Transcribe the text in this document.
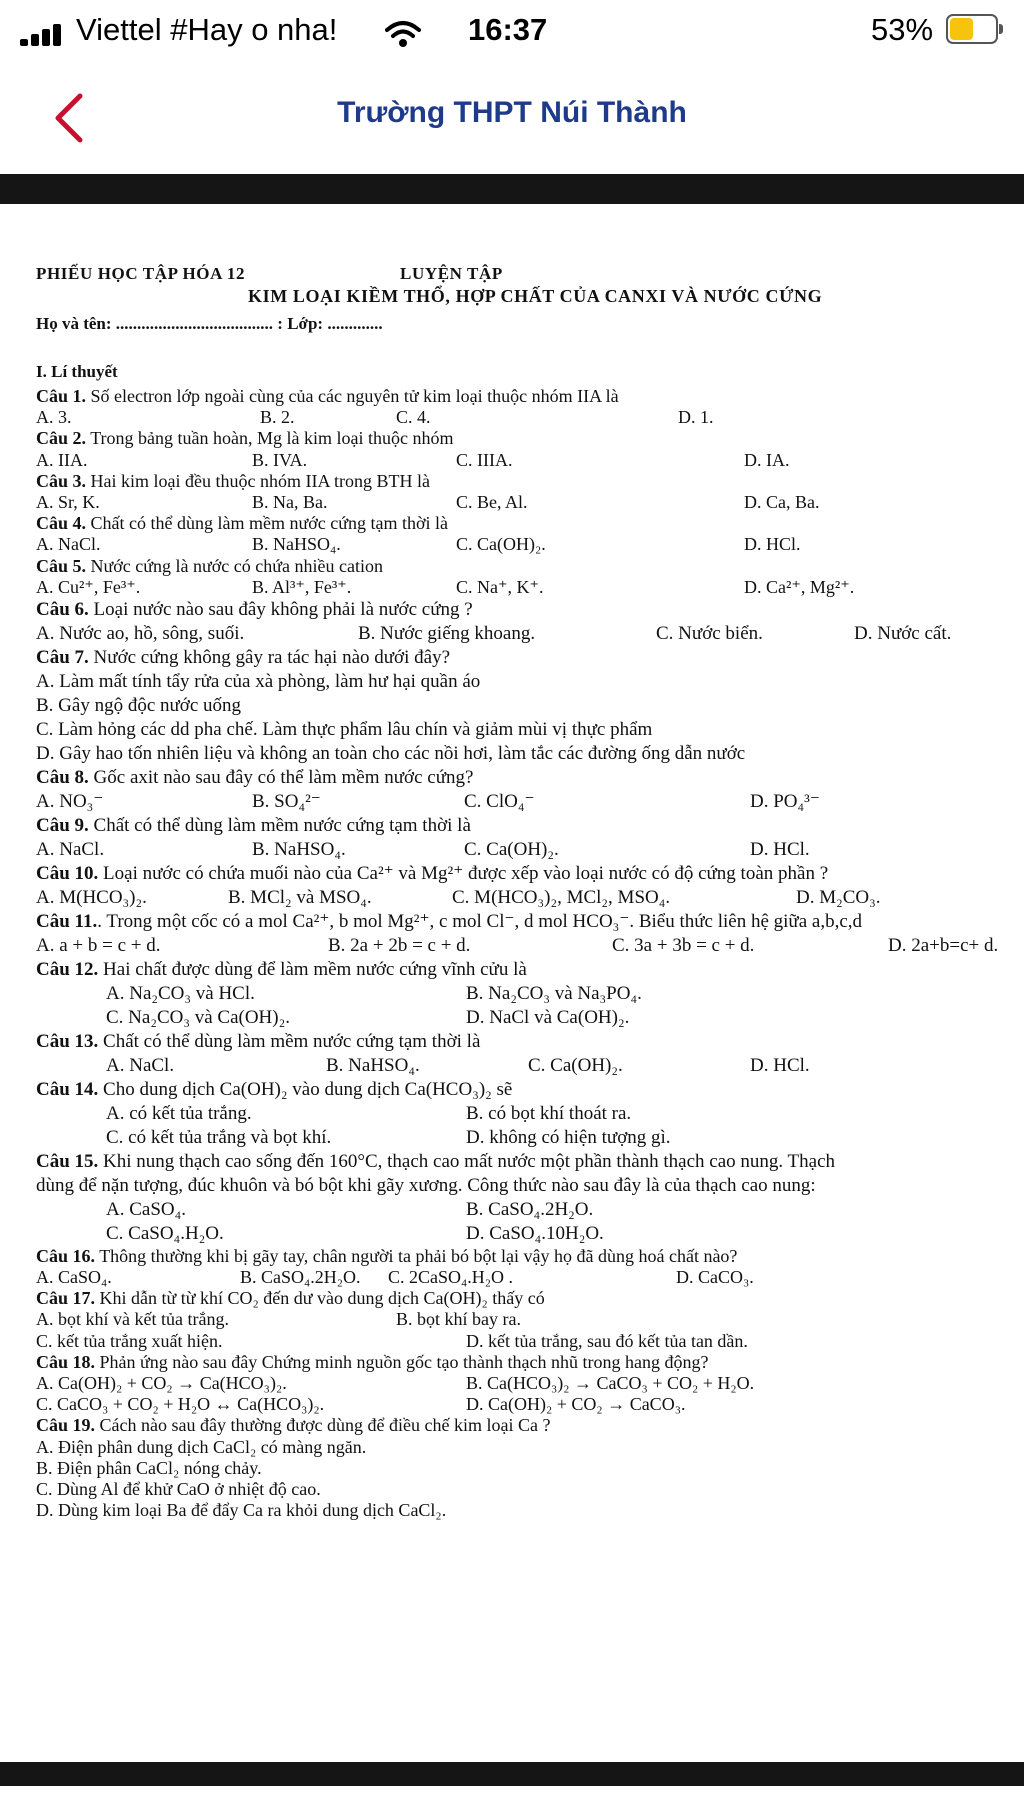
Viettel #Hay o nha!	16:37	53%
Trường THPT Núi Thành
PHIẾU HỌC TẬP HÓA 12	LUYỆN TẬP
KIM LOẠI KIỀM THỔ, HỢP CHẤT CỦA CANXI VÀ NƯỚC CỨNG
Họ và tên: ..................................... : Lớp: .............
I. Lí thuyết
Câu 1. Số electron lớp ngoài cùng của các nguyên tử kim loại thuộc nhóm IIA là
A. 3.	B. 2.	C. 4.	D. 1.
Câu 2. Trong bảng tuần hoàn, Mg là kim loại thuộc nhóm
A. IIA.	B. IVA.	C. IIIA.	D. IA.
Câu 3. Hai kim loại đều thuộc nhóm IIA trong BTH là
A. Sr, K.	B. Na, Ba.	C. Be, Al.	D. Ca, Ba.
Câu 4. Chất có thể dùng làm mềm nước cứng tạm thời là
A. NaCl.	B. NaHSO₄.	C. Ca(OH)₂.	D. HCl.
Câu 5. Nước cứng là nước có chứa nhiều cation
A. Cu²⁺, Fe³⁺.	B. Al³⁺, Fe³⁺.	C. Na⁺, K⁺.	D. Ca²⁺, Mg²⁺.
Câu 6. Loại nước nào sau đây không phải là nước cứng ?
A. Nước ao, hồ, sông, suối.	B. Nước giếng khoang.	C. Nước biển.	D. Nước cất.
Câu 7. Nước cứng không gây ra tác hại nào dưới đây?
A. Làm mất tính tẩy rửa của xà phòng, làm hư hại quần áo
B. Gây ngộ độc nước uống
C. Làm hỏng các dd pha chế. Làm thực phẩm lâu chín và giảm mùi vị thực phẩm
D. Gây hao tốn nhiên liệu và không an toàn cho các nồi hơi, làm tắc các đường ống dẫn nước
Câu 8. Gốc axit nào sau đây có thể làm mềm nước cứng?
A. NO₃⁻	B. SO₄²⁻	C. ClO₄⁻	D. PO₄³⁻
Câu 9. Chất có thể dùng làm mềm nước cứng tạm thời là
A. NaCl.	B. NaHSO₄.	C. Ca(OH)₂.	D. HCl.
Câu 10. Loại nước có chứa muối nào của Ca²⁺ và Mg²⁺ được xếp vào loại nước có độ cứng toàn phần ?
A. M(HCO₃)₂.	B. MCl₂ và MSO₄.	C. M(HCO₃)₂, MCl₂, MSO₄.	D. M₂CO₃.
Câu 11.. Trong một cốc có a mol Ca²⁺, b mol Mg²⁺, c mol Cl⁻, d mol HCO₃⁻. Biểu thức liên hệ giữa a,b,c,d
A. a + b = c + d.	B. 2a + 2b = c + d.	C. 3a + 3b = c + d.	D. 2a+b=c+ d.
Câu 12. Hai chất được dùng để làm mềm nước cứng vĩnh cửu là
A. Na₂CO₃ và HCl.	B. Na₂CO₃ và Na₃PO₄.
C. Na₂CO₃ và Ca(OH)₂.	D. NaCl và Ca(OH)₂.
Câu 13. Chất có thể dùng làm mềm nước cứng tạm thời là
A. NaCl.	B. NaHSO₄.	C. Ca(OH)₂.	D. HCl.
Câu 14. Cho dung dịch Ca(OH)₂ vào dung dịch Ca(HCO₃)₂ sẽ
A. có kết tủa trắng.	B. có bọt khí thoát ra.
C. có kết tủa trắng và bọt khí.	D. không có hiện tượng gì.
Câu 15. Khi nung thạch cao sống đến 160°C, thạch cao mất nước một phần thành thạch cao nung. Thạch
dùng để nặn tượng, đúc khuôn và bó bột khi gãy xương. Công thức nào sau đây là của thạch cao nung:
A. CaSO₄.	B. CaSO₄.2H₂O.
C. CaSO₄.H₂O.	D. CaSO₄.10H₂O.
Câu 16. Thông thường khi bị gãy tay, chân người ta phải bó bột lại vậy họ đã dùng hoá chất nào?
A. CaSO₄.	B. CaSO₄.2H₂O. C. 2CaSO₄.H₂O .	D. CaCO₃.
Câu 17. Khi dẫn từ từ khí CO₂ đến dư vào dung dịch Ca(OH)₂ thấy có
A. bọt khí và kết tủa trắng.	B. bọt khí bay ra.
C. kết tủa trắng xuất hiện.	D. kết tủa trắng, sau đó kết tủa tan dần.
Câu 18. Phản ứng nào sau đây Chứng minh nguồn gốc tạo thành thạch nhũ trong hang động?
A. Ca(OH)₂ + CO₂ → Ca(HCO₃)₂.	B. Ca(HCO₃)₂ → CaCO₃ + CO₂ + H₂O.
C. CaCO₃ + CO₂ + H₂O ↔ Ca(HCO₃)₂.	D. Ca(OH)₂ + CO₂ → CaCO₃.
Câu 19. Cách nào sau đây thường được dùng để điều chế kim loại Ca ?
A. Điện phân dung dịch CaCl₂ có màng ngăn.
B. Điện phân CaCl₂ nóng chảy.
C. Dùng Al để khử CaO ở nhiệt độ cao.
D. Dùng kim loại Ba để đẩy Ca ra khỏi dung dịch CaCl₂.
